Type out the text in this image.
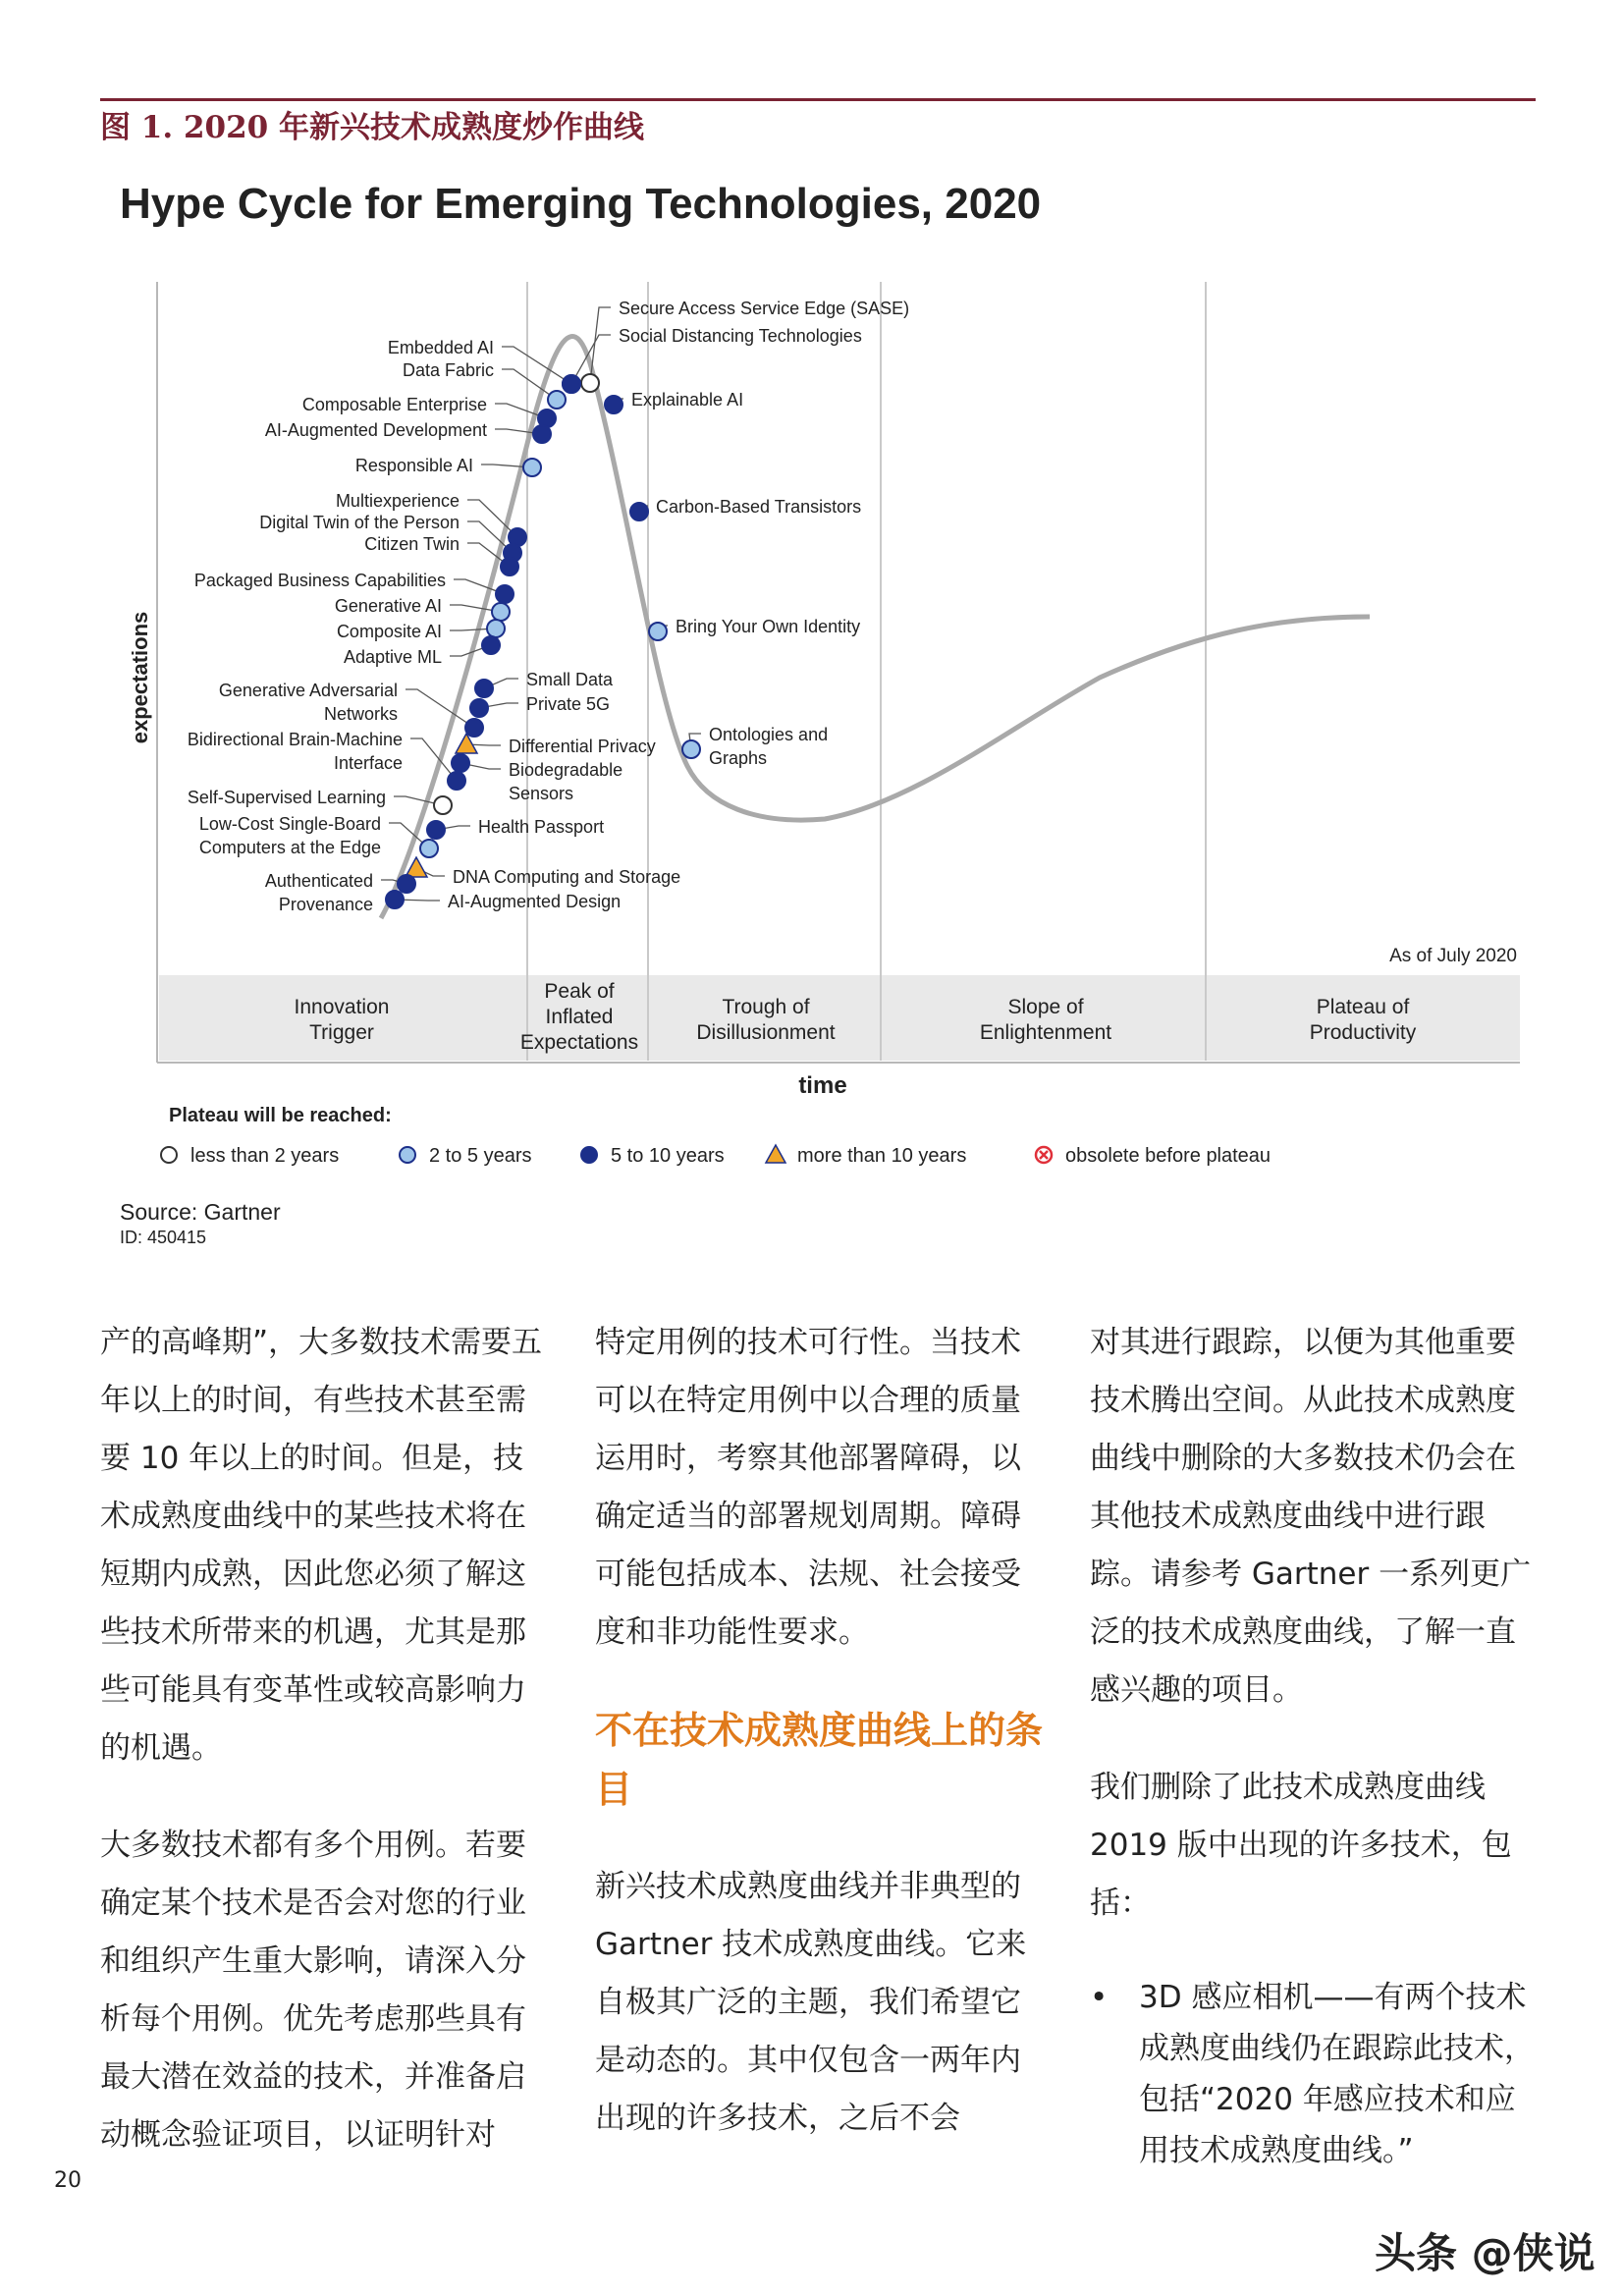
图 1. 2020 年新兴技术成熟度炒作曲线
Hype Cycle for Emerging Technologies, 2020
Innovation
Trigger
Peak of
Inflated
Expectations
Trough of
Disillusionment
Slope of
Enlightenment
Plateau of
Productivity
Secure Access Service Edge (SASE)
Social Distancing Technologies
Embedded AI
Data Fabric
Composable Enterprise
AI-Augmented Development
Explainable AI
Responsible AI
Multiexperience
Digital Twin of the Person
Citizen Twin
Carbon-Based Transistors
Packaged Business Capabilities
Generative AI
Composite AI
Adaptive ML
Bring Your Own Identity
Small Data
Private 5G
Generative Adversarial
Networks
Differential Privacy
Biodegradable
Sensors
Bidirectional Brain-Machine
Interface
Ontologies and
Graphs
Self-Supervised Learning
Health Passport
Low-Cost Single-Board
Computers at the Edge
DNA Computing and Storage
Authenticated
Provenance	AI-Augmented Design
expectations
time
As of July 2020
Plateau will be reached:
less than 2 years	2 to 5 years	5 to 10 years	more than 10 years	obsolete before plateau
Source: Gartner
ID: 450415

产的高峰期”，大多数技术需要五年以上的时间，有些技术甚至需要 10 年以上的时间。但是，技术成熟度曲线中的某些技术将在短期内成熟，因此您必须了解这些技术所带来的机遇，尤其是那些可能具有变革性或较高影响力的机遇。

大多数技术都有多个用例。若要确定某个技术是否会对您的行业和组织产生重大影响，请深入分析每个用例。优先考虑那些具有最大潜在效益的技术，并准备启动概念验证项目，以证明针对

特定用例的技术可行性。当技术可以在特定用例中以合理的质量运用时，考察其他部署障碍，以确定适当的部署规划周期。障碍可能包括成本、法规、社会接受度和非功能性要求。

不在技术成熟度曲线上的条目

新兴技术成熟度曲线并非典型的 Gartner 技术成熟度曲线。它来自极其广泛的主题，我们希望它是动态的。其中仅包含一两年内出现的许多技术，之后不会

对其进行跟踪，以便为其他重要技术腾出空间。从此技术成熟度曲线中删除的大多数技术仍会在其他技术成熟度曲线中进行跟踪。请参考 Gartner 一系列更广泛的技术成熟度曲线，了解一直感兴趣的项目。

我们删除了此技术成熟度曲线 2019 版中出现的许多技术，包括：

•	3D 感应相机——有两个技术成熟度曲线仍在跟踪此技术，包括“2020 年感应技术和应用技术成熟度曲线。”
20
头条 @侠说
